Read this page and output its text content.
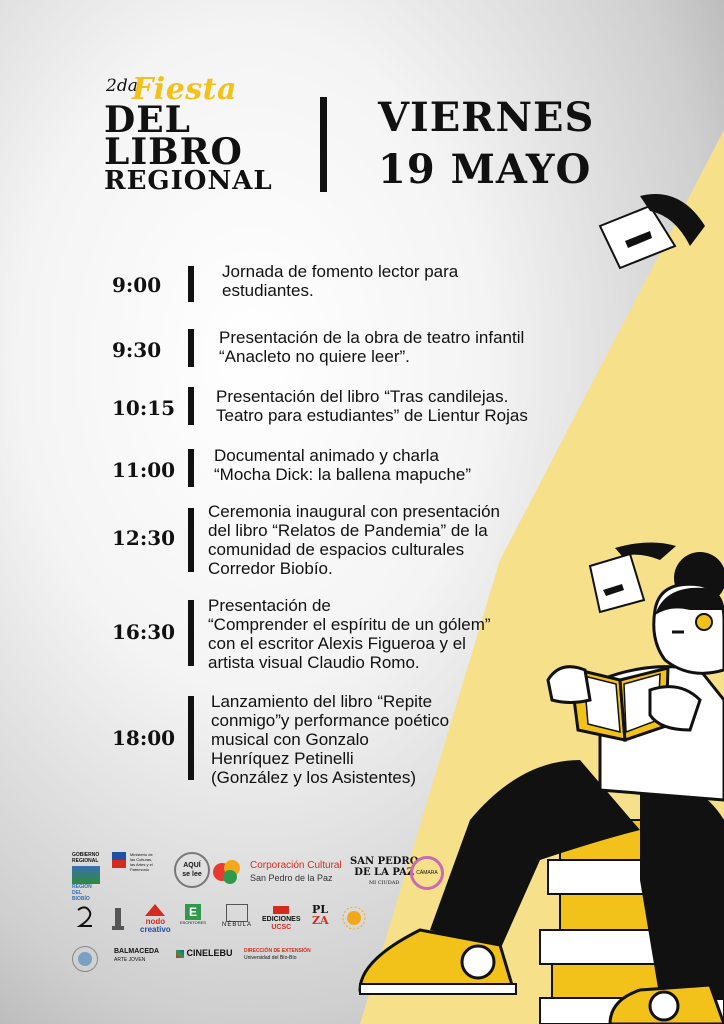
2da
Fiesta
DEL
LIBRO
REGIONAL
VIERNES
19 MAYO
9:00
Jornada de fomento lector para
estudiantes.
9:30
Presentación de la obra de teatro infantil
“Anacleto no quiere leer”.
10:15 Presentación del libro “Tras candilejas.
Teatro para estudiantes” de Lientur Rojas
11:00
Documental animado y charla
“Mocha Dick: la ballena mapuche”
12:30
Ceremonia inaugural con presentación
del libro “Relatos de Pandemia” de la
comunidad de espacios culturales
Corredor Biobío.
16:30
Presentación de
“Comprender el espíritu de un gólem”
con el escritor Alexis Figueroa y el
artista visual Claudio Romo.
18:00
Lanzamiento del libro “Repite
conmigo”y performance poético
musical con Gonzalo
Henríquez Petinelli
(González y los Asistentes)
GOBIERNO
REGIONAL
REGIÓN DEL
BIOBÍO
Ministerio de las Culturas, las Artes y el Patrimonio
AQUÍ
se lee
Corporación Cultural
San Pedro de la Paz
SAN PEDRO
DE LA PAZ
MI CIUDAD
CÁMARA
nodo
creativo
E
ESCRITORES	NÉBULA
EDICIONES
UCSC
PL
ZA
BALMACEDA
ARTE JOVEN
CINELEBU DIRECCIÓN DE EXTENSIÓN
Universidad del Bío-Bío
